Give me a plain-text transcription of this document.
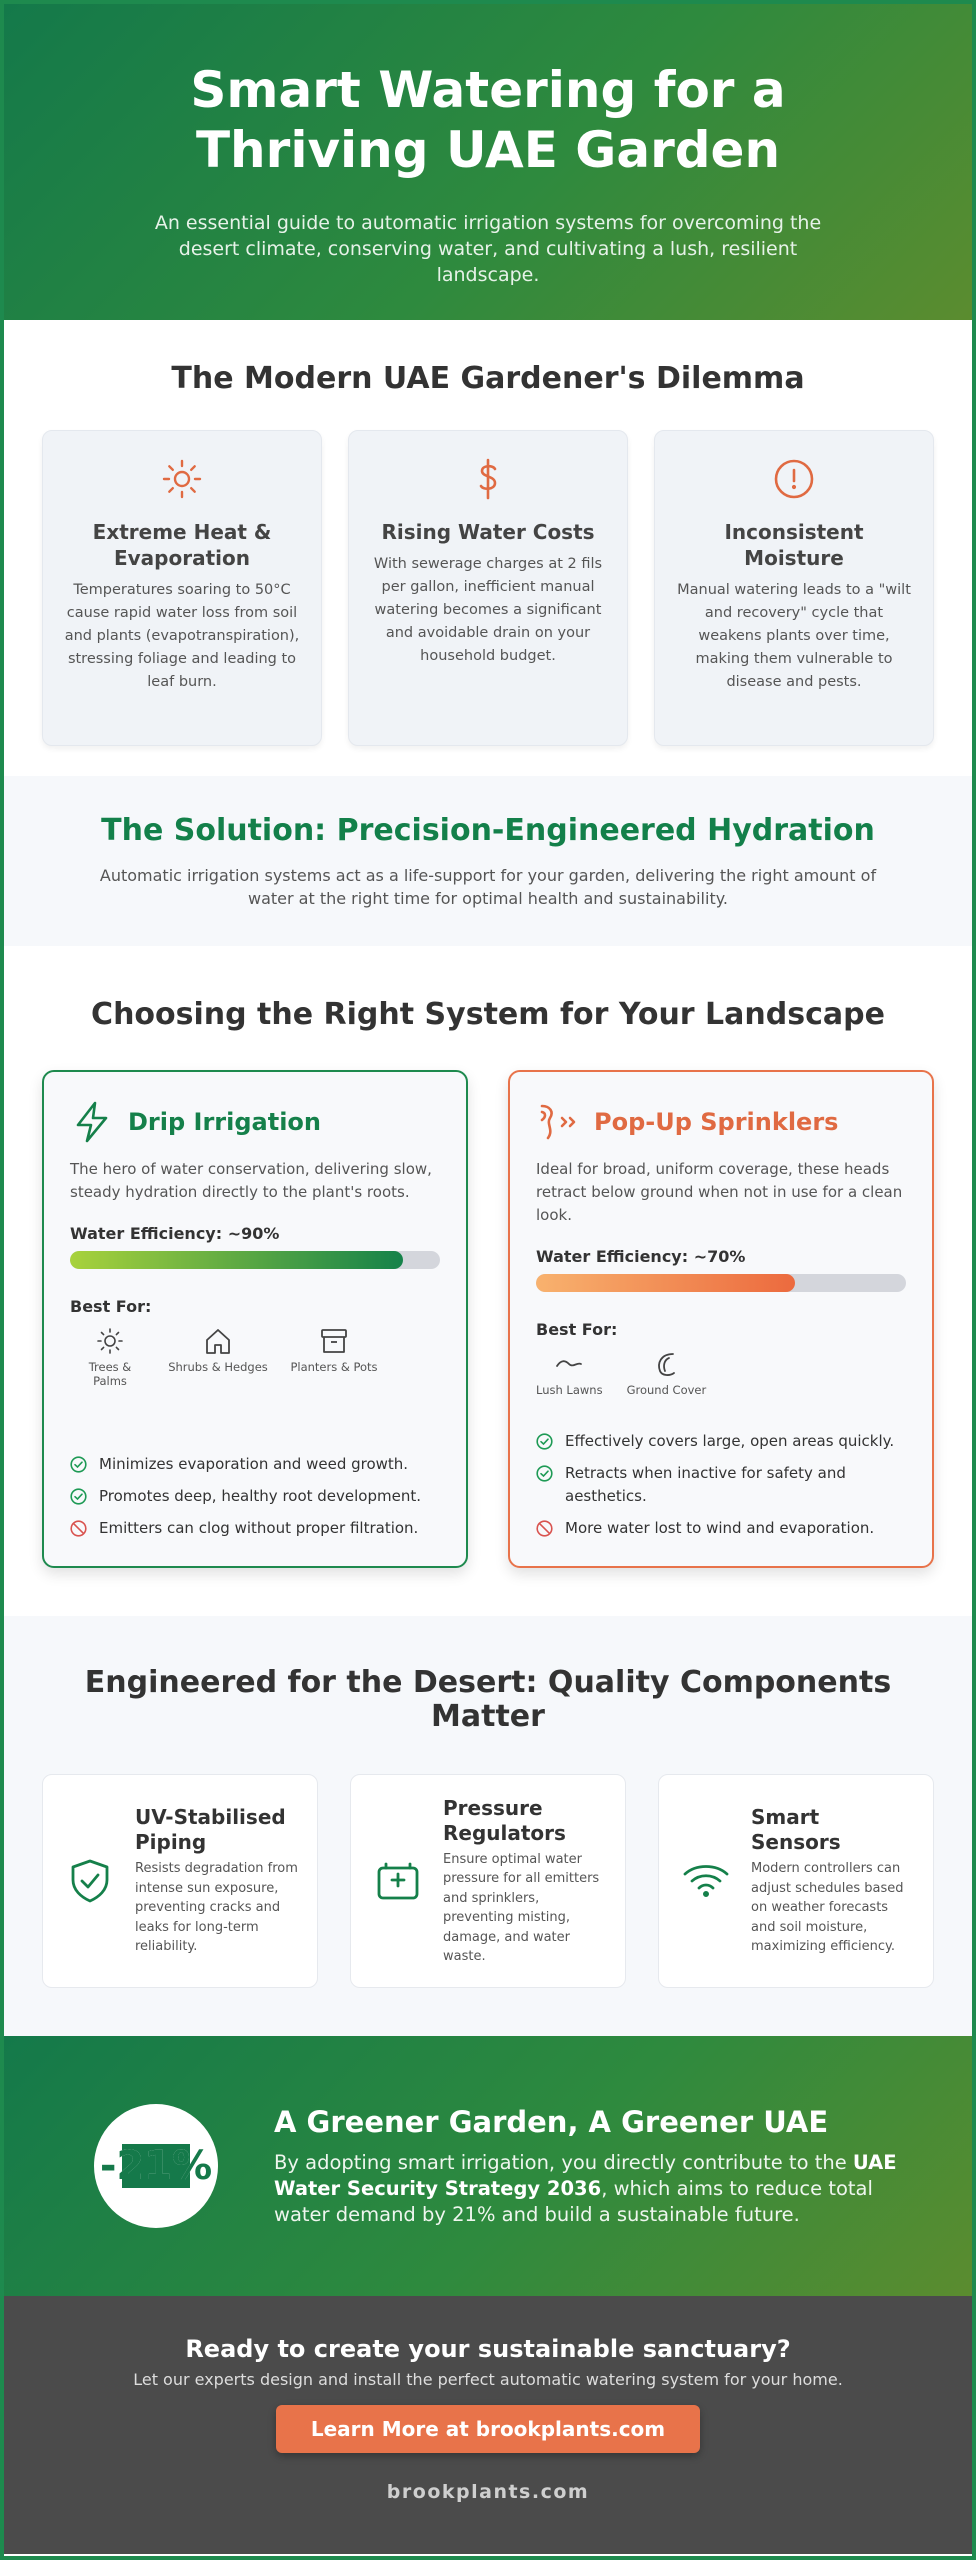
Smart Watering for a Thriving UAE Garden

An essential guide to automatic irrigation systems for overcoming the desert climate, conserving water, and cultivating a lush, resilient landscape.

The Modern UAE Gardener's Dilemma
Extreme Heat & Evaporation

Temperatures soaring to 50°C cause rapid water loss from soil and plants (evapotranspiration), stressing foliage and leading to leaf burn.

Rising Water Costs

With sewerage charges at 2 fils per gallon, inefficient manual watering becomes a significant and avoidable drain on your household budget.

Inconsistent Moisture

Manual watering leads to a "wilt and recovery" cycle that weakens plants over time, making them vulnerable to disease and pests.

The Solution: Precision-Engineered Hydration

Automatic irrigation systems act as a life-support for your garden, delivering the right amount of water at the right time for optimal health and sustainability.

Choosing the Right System for Your Landscape
Drip Irrigation

The hero of water conservation, delivering slow, steady hydration directly to the plant's roots.

Water Efficiency: ~90%
Best For:
Trees & Palms
Shrubs & Hedges	Planters & Pots
Minimizes evaporation and weed growth.
Promotes deep, healthy root development.
Emitters can clog without proper filtration.
Pop-Up Sprinklers

Ideal for broad, uniform coverage, these heads retract below ground when not in use for a clean look.

Water Efficiency: ~70%
Best For:
Lush Lawns Ground Cover
Effectively covers large, open areas quickly.
Retracts when inactive for safety and aesthetics.
More water lost to wind and evaporation.
Engineered for the Desert: Quality Components Matter
UV-Stabilised Piping

Resists degradation from intense sun exposure, preventing cracks and leaks for long-term reliability.

Pressure Regulators

Ensure optimal water pressure for all emitters and sprinklers, preventing misting, damage, and water waste.

Smart Sensors

Modern controllers can adjust schedules based on weather forecasts and soil moisture, maximizing efficiency.

-21%
A Greener Garden, A Greener UAE

By adopting smart irrigation, you directly contribute to the UAE Water Security Strategy 2036, which aims to reduce total water demand by 21% and build a sustainable future.

Ready to create your sustainable sanctuary?

Let our experts design and install the perfect automatic watering system for your home.

Learn More at brookplants.com
brookplants.com
